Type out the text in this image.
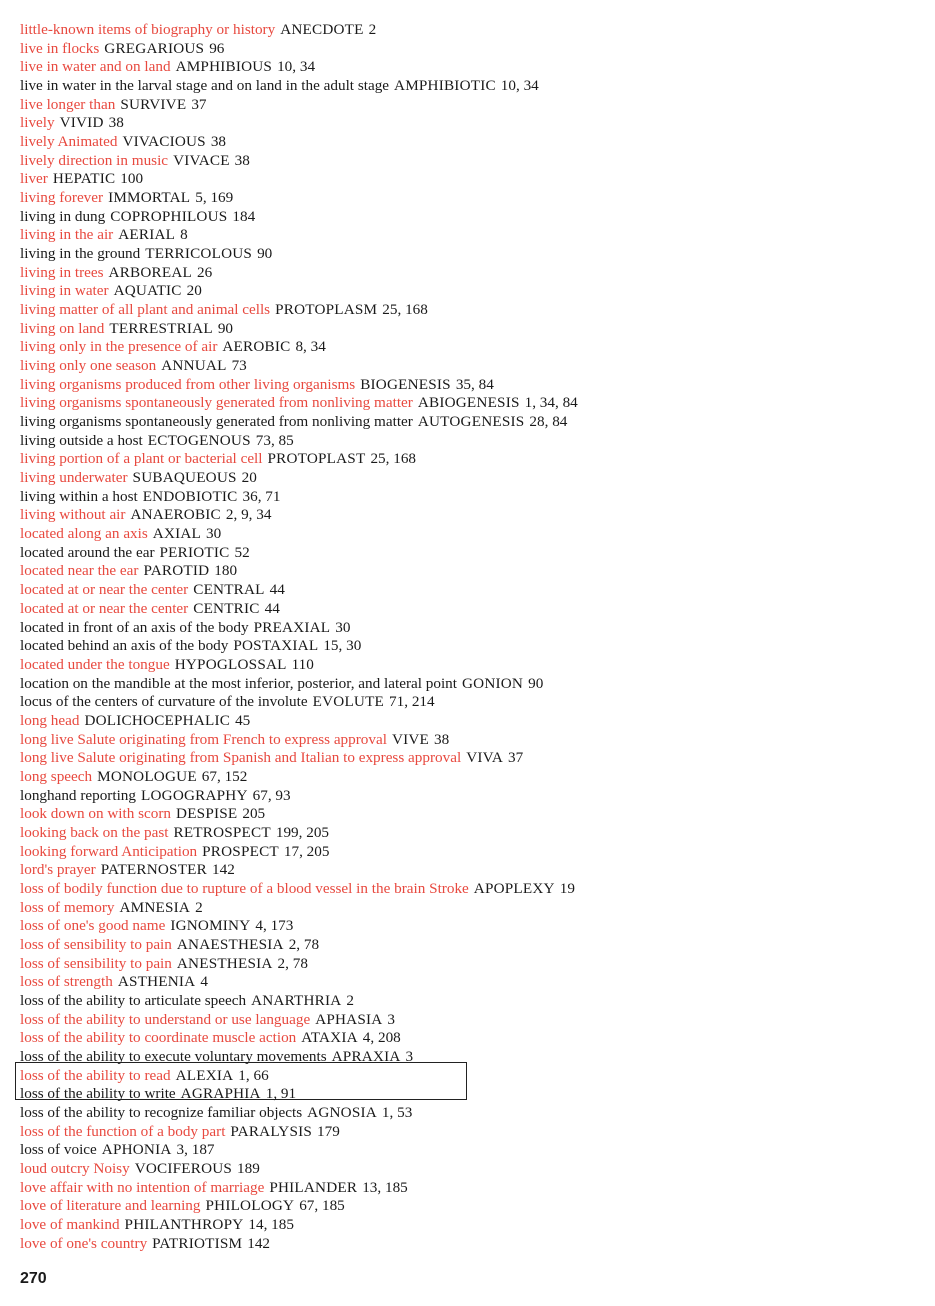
little-known items of biography or history ANECDOTE 2
live in flocks GREGARIOUS 96
live in water and on land AMPHIBIOUS 10, 34
live in water in the larval stage and on land in the adult stage AMPHIBIOTIC 10, 34
live longer than SURVIVE 37
lively VIVID 38
lively Animated VIVACIOUS 38
lively direction in music VIVACE 38
liver HEPATIC 100
living forever IMMORTAL 5, 169
living in dung COPROPHILOUS 184
living in the air AERIAL 8
living in the ground TERRICOLOUS 90
living in trees ARBOREAL 26
living in water AQUATIC 20
living matter of all plant and animal cells PROTOPLASM 25, 168
living on land TERRESTRIAL 90
living only in the presence of air AEROBIC 8, 34
living only one season ANNUAL 73
living organisms produced from other living organisms BIOGENESIS 35, 84
living organisms spontaneously generated from nonliving matter ABIOGENESIS 1, 34, 84
living organisms spontaneously generated from nonliving matter AUTOGENESIS 28, 84
living outside a host ECTOGENOUS 73, 85
living portion of a plant or bacterial cell PROTOPLAST 25, 168
living underwater SUBAQUEOUS 20
living within a host ENDOBIOTIC 36, 71
living without air ANAEROBIC 2, 9, 34
located along an axis AXIAL 30
located around the ear PERIOTIC 52
located near the ear PAROTID 180
located at or near the center CENTRAL 44
located at or near the center CENTRIC 44
located in front of an axis of the body PREAXIAL 30
located behind an axis of the body POSTAXIAL 15, 30
located under the tongue HYPOGLOSSAL 110
location on the mandible at the most inferior, posterior, and lateral point GONION 90
locus of the centers of curvature of the involute EVOLUTE 71, 214
long head DOLICHOCEPHALIC 45
long live Salute originating from French to express approval VIVE 38
long live Salute originating from Spanish and Italian to express approval VIVA 37
long speech MONOLOGUE 67, 152
longhand reporting LOGOGRAPHY 67, 93
look down on with scorn DESPISE 205
looking back on the past RETROSPECT 199, 205
looking forward Anticipation PROSPECT 17, 205
lord's prayer PATERNOSTER 142
loss of bodily function due to rupture of a blood vessel in the brain Stroke APOPLEXY 19
loss of memory AMNESIA 2
loss of one's good name IGNOMINY 4, 173
loss of sensibility to pain ANAESTHESIA 2, 78
loss of sensibility to pain ANESTHESIA 2, 78
loss of strength ASTHENIA 4
loss of the ability to articulate speech ANARTHRIA 2
loss of the ability to understand or use language APHASIA 3
loss of the ability to coordinate muscle action ATAXIA 4, 208
loss of the ability to execute voluntary movements APRAXIA 3
loss of the ability to read ALEXIA 1, 66
loss of the ability to write AGRAPHIA 1, 91
loss of the ability to recognize familiar objects AGNOSIA 1, 53
loss of the function of a body part PARALYSIS 179
loss of voice APHONIA 3, 187
loud outcry Noisy VOCIFEROUS 189
love affair with no intention of marriage PHILANDER 13, 185
love of literature and learning PHILOLOGY 67, 185
love of mankind PHILANTHROPY 14, 185
love of one's country PATRIOTISM 142
270
